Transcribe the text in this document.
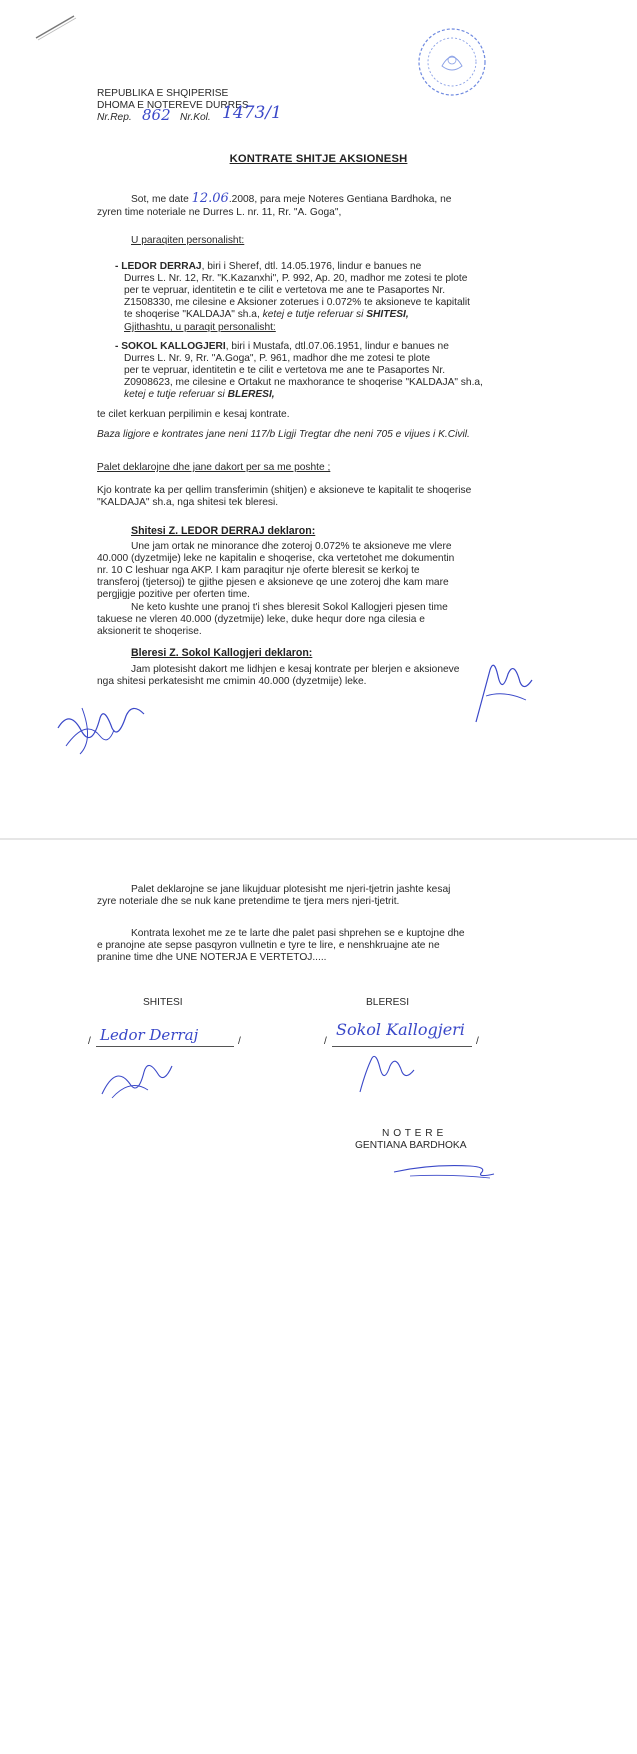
REPUBLIKA E SHQIPERISE
DHOMA E NOTEREVE DURRES
Nr.Rep. 862 Nr.Kol. 1473/1
KONTRATE SHITJE AKSIONESH
Sot, me date 12.06.2008, para meje Noteres Gentiana Bardhoka, ne
zyren time noteriale ne Durres L. nr. 11, Rr. "A. Goga",
U paraqiten personalisht:
- LEDOR DERRAJ, biri i Sheref, dtl. 14.05.1976, lindur e banues ne
Durres L. Nr. 12, Rr. "K.Kazanxhi", P. 992, Ap. 20, madhor me zotesi te plote
per te vepruar, identitetin e te cilit e vertetova me ane te Pasaportes Nr.
Z1508330, me cilesine e Aksioner zoterues i 0.072% te aksioneve te kapitalit
te shoqerise "KALDAJA" sh.a, ketej e tutje referuar si SHITESI,
Gjithashtu, u paraqit personalisht:
- SOKOL KALLOGJERI, biri i Mustafa, dtl.07.06.1951, lindur e banues ne
Durres L. Nr. 9, Rr. "A.Goga", P. 961, madhor dhe me zotesi te plote
per te vepruar, identitetin e te cilit e vertetova me ane te Pasaportes Nr.
Z0908623, me cilesine e Ortakut ne maxhorance te shoqerise "KALDAJA" sh.a,
ketej e tutje referuar si BLERESI,
te cilet kerkuan perpilimin e kesaj kontrate.
Baza ligjore e kontrates jane neni 117/b Ligji Tregtar dhe neni 705 e vijues i K.Civil.
Palet deklarojne dhe jane dakort per sa me poshte ;
Kjo kontrate ka per qellim transferimin (shitjen) e aksioneve te kapitalit te shoqerise
"KALDAJA" sh.a, nga shitesi tek bleresi.
Shitesi Z. LEDOR DERRAJ deklaron:
Une jam ortak ne minorance dhe zoteroj 0.072% te aksioneve me vlere
40.000 (dyzetmije) leke ne kapitalin e shoqerise, cka vertetohet me dokumentin
nr. 10 C leshuar nga AKP. I kam paraqitur nje oferte bleresit se kerkoj te
transferoj (tjetersoj) te gjithe pjesen e aksioneve qe une zoteroj dhe kam mare
pergjigje pozitive per oferten time.
Ne keto kushte une pranoj t'i shes bleresit Sokol Kallogjeri pjesen time
takuese ne vleren 40.000 (dyzetmije) leke, duke hequr dore nga cilesia e
aksionerit te shoqerise.
Bleresi Z. Sokol Kallogjeri deklaron:
Jam plotesisht dakort me lidhjen e kesaj kontrate per blerjen e aksioneve
nga shitesi perkatesisht me cmimin 40.000 (dyzetmije) leke.
Palet deklarojne se jane likujduar plotesisht me njeri-tjetrin jashte kesaj
zyre noteriale dhe se nuk kane pretendime te tjera mers njeri-tjetrit.
Kontrata lexohet me ze te larte dhe palet pasi shprehen se e kuptojne dhe
e pranojne ate sepse pasqyron vullnetin e tyre te lire, e nenshkruajne ate ne
pranine time dhe UNE NOTERJA E VERTETOJ.....
SHITESI	BLERESI
/	/
Ledor Derraj	/	/
Sokol Kallogjeri
N O T E R E
GENTIANA BARDHOKA
